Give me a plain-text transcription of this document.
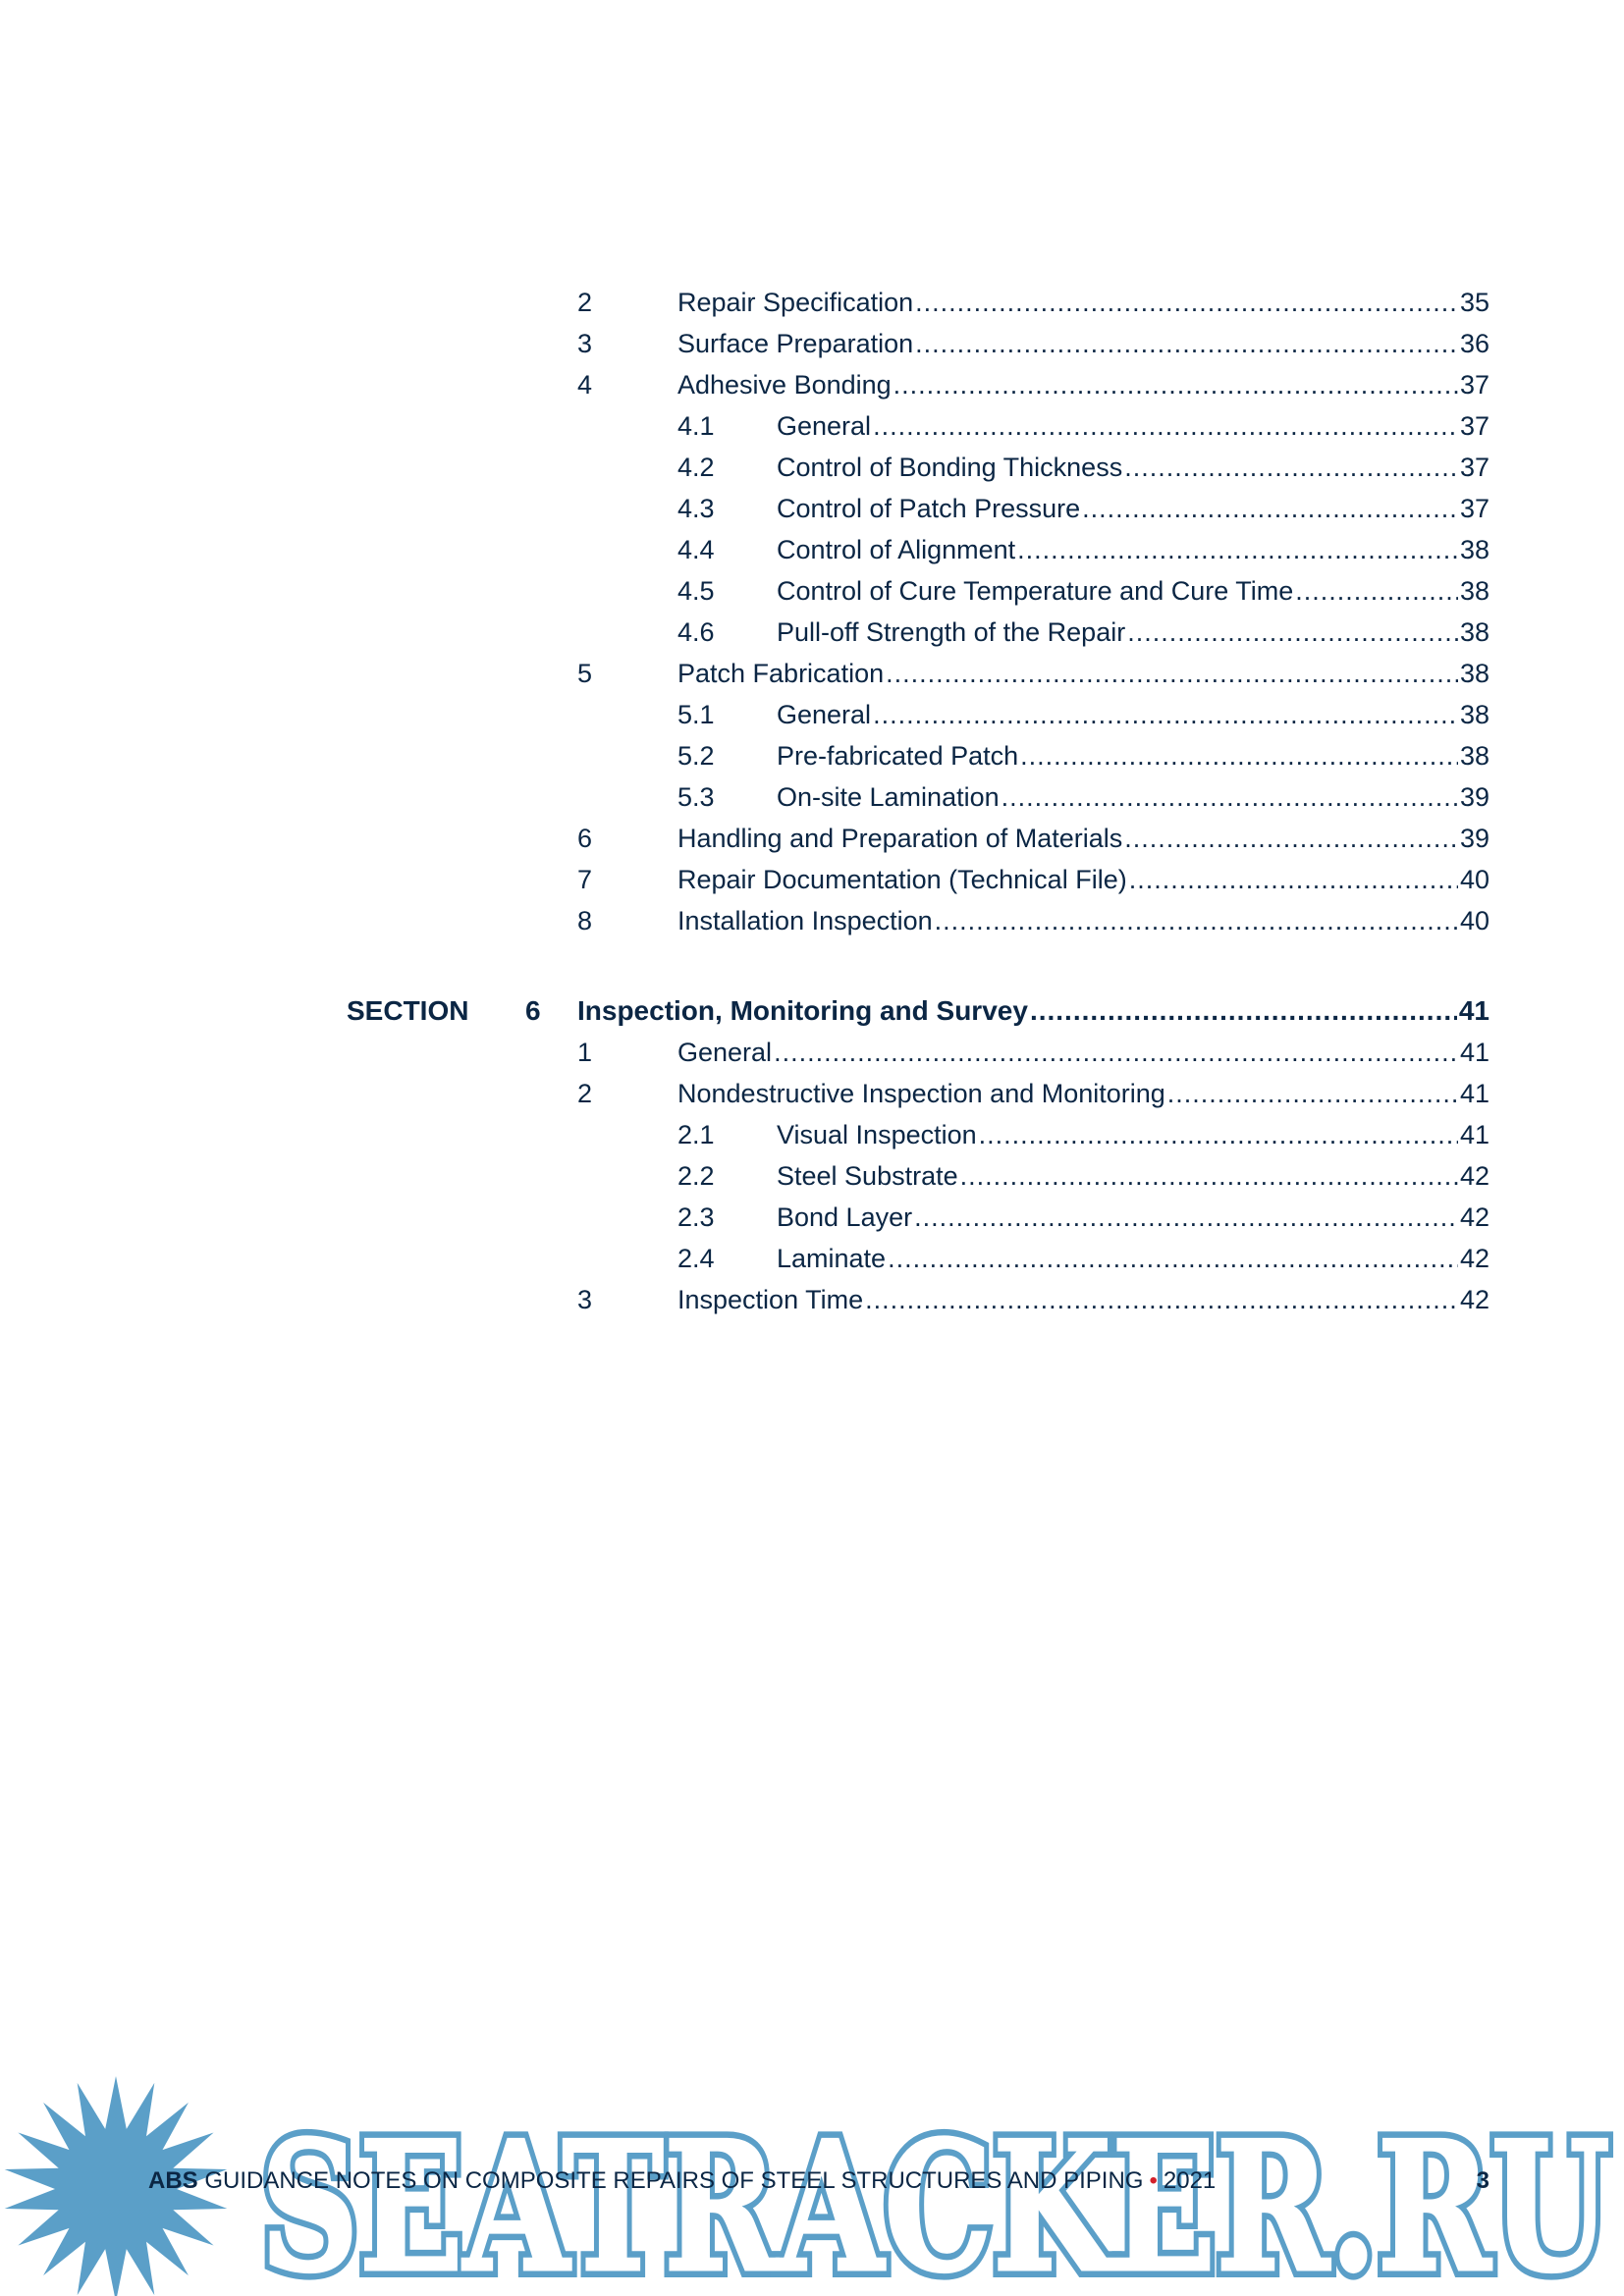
2	Repair Specification .....	35
3	Surface Preparation .....	36
4	Adhesive Bonding .....	37
4.1 General .....	37
4.2 Control of Bonding Thickness .....	37
4.3 Control of Patch Pressure .....	37
4.4 Control of Alignment .....	38
4.5 Control of Cure Temperature and Cure Time .....	38
4.6 Pull-off Strength of the Repair .....	38
5	Patch Fabrication .....	38
5.1 General .....	38
5.2 Pre-fabricated Patch .....	38
5.3 On-site Lamination .....	39
6	Handling and Preparation of Materials .....	39
7	Repair Documentation (Technical File) .....	40
8	Installation Inspection .....	40
SECTION 6 Inspection, Monitoring and Survey .....	41
1	General .....	41
2	Nondestructive Inspection and Monitoring .....	41
2.1 Visual Inspection .....	41
2.2 Steel Substrate .....	42
2.3 Bond Layer .....	42
2.4 Laminate .....	42
3	Inspection Time .....	42
SEATRACKER.RU
SEATRACKER.RU
ABS GUIDANCE NOTES ON COMPOSITE REPAIRS OF STEEL STRUCTURES AND PIPING • 2021	3
